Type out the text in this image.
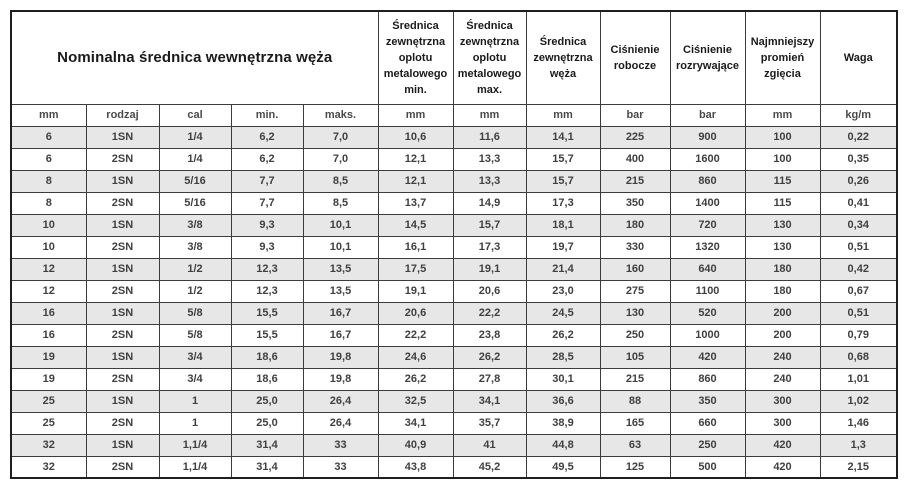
Nominalna średnica wewnętrzna węża					Średnica zewnętrzna oplotu metalowego min.	Średnica zewnętrzna oplotu metalowego max.	Średnica zewnętrzna węża	Ciśnienie robocze	Ciśnienie rozrywające	Najmniejszy promień zgięcia	Waga
mm	rodzaj	cal	min.	maks.	mm	mm	mm	bar	bar	mm	kg/m
6	1SN	1/4	6,2	7,0	10,6	11,6	14,1	225	900	100	0,22
6	2SN	1/4	6,2	7,0	12,1	13,3	15,7	400	1600	100	0,35
8	1SN	5/16	7,7	8,5	12,1	13,3	15,7	215	860	115	0,26
8	2SN	5/16	7,7	8,5	13,7	14,9	17,3	350	1400	115	0,41
10	1SN	3/8	9,3	10,1	14,5	15,7	18,1	180	720	130	0,34
10	2SN	3/8	9,3	10,1	16,1	17,3	19,7	330	1320	130	0,51
12	1SN	1/2	12,3	13,5	17,5	19,1	21,4	160	640	180	0,42
12	2SN	1/2	12,3	13,5	19,1	20,6	23,0	275	1100	180	0,67
16	1SN	5/8	15,5	16,7	20,6	22,2	24,5	130	520	200	0,51
16	2SN	5/8	15,5	16,7	22,2	23,8	26,2	250	1000	200	0,79
19	1SN	3/4	18,6	19,8	24,6	26,2	28,5	105	420	240	0,68
19	2SN	3/4	18,6	19,8	26,2	27,8	30,1	215	860	240	1,01
25	1SN	1	25,0	26,4	32,5	34,1	36,6	88	350	300	1,02
25	2SN	1	25,0	26,4	34,1	35,7	38,9	165	660	300	1,46
32	1SN	1,1/4	31,4	33	40,9	41	44,8	63	250	420	1,3
32	2SN	1,1/4	31,4	33	43,8	45,2	49,5	125	500	420	2,15
